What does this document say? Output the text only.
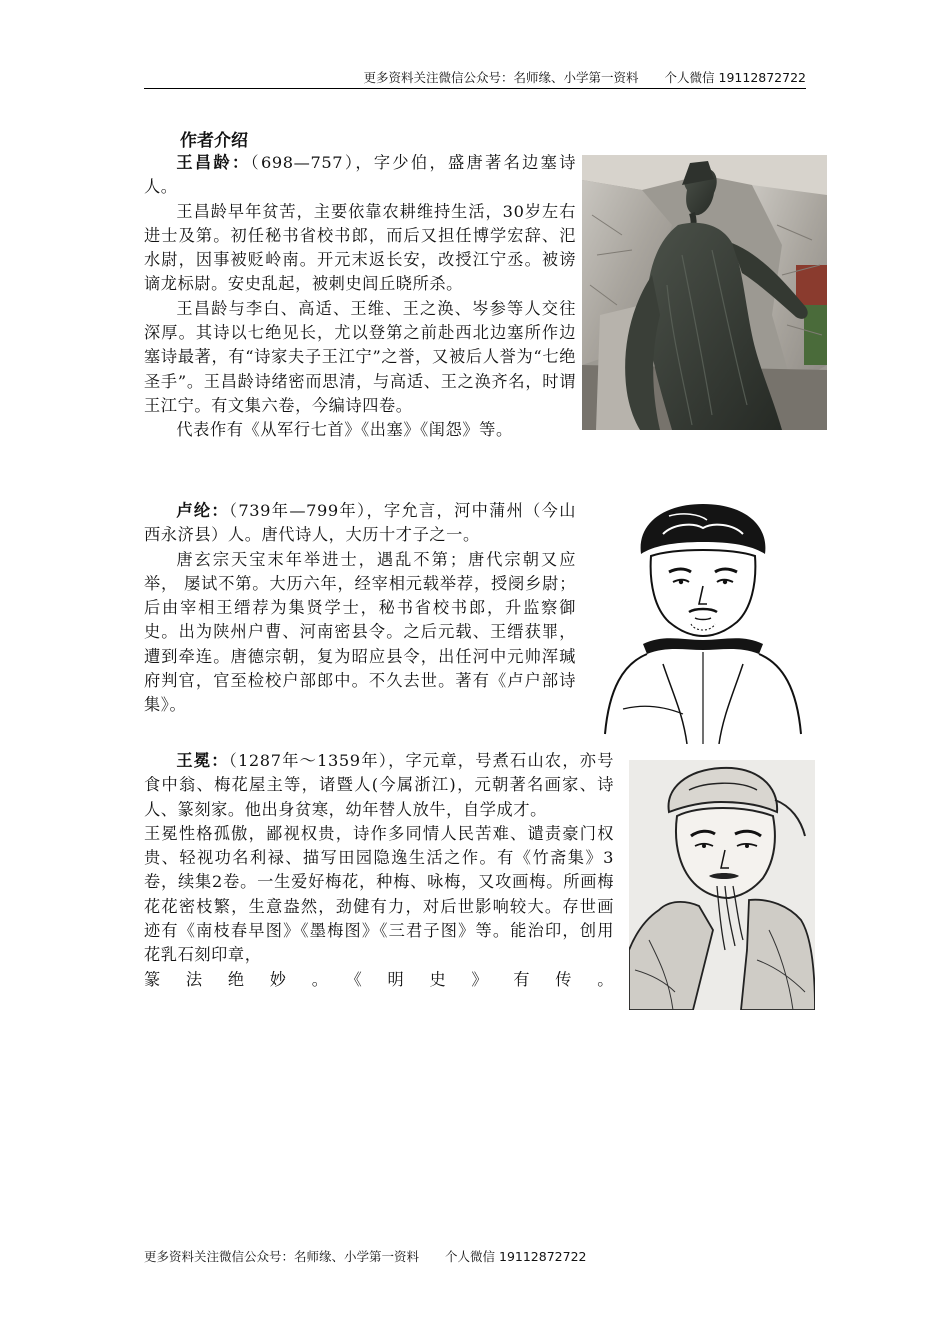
更多资料关注微信公众号：名师缘、小学第一资料 个人微信 19112872722
作者介绍

王昌龄：（698—757），字少伯，盛唐著名边塞诗人。

王昌龄早年贫苦，主要依靠农耕维持生活，30岁左右进士及第。初任秘书省校书郎，而后又担任博学宏辞、汜水尉，因事被贬岭南。开元末返长安，改授江宁丞。被谤谪龙标尉。安史乱起，被刺史闾丘晓所杀。

王昌龄与李白、高适、王维、王之涣、岑参等人交往深厚。其诗以七绝见长，尤以登第之前赴西北边塞所作边塞诗最著，有“诗家夫子王江宁”之誉，又被后人誉为“七绝圣手”。王昌龄诗绪密而思清，与高适、王之涣齐名，时谓王江宁。有文集六卷，今编诗四卷。

代表作有《从军行七首》《出塞》《闺怨》等。

卢纶：（739年—799年），字允言，河中蒲州（今山西永济县）人。唐代诗人，大历十才子之一。

唐玄宗天宝末年举进士，遇乱不第；唐代宗朝又应举， 屡试不第。大历六年，经宰相元载举荐，授阌乡尉；后由宰相王缙荐为集贤学士，秘书省校书郎，升监察御史。出为陕州户曹、河南密县令。之后元载、王缙获罪，遭到牵连。唐德宗朝，复为昭应县令，出任河中元帅浑瑊府判官，官至检校户部郎中。不久去世。著有《卢户部诗集》。

王冕：（1287年～1359年），字元章，号煮石山农，亦号食中翁、梅花屋主等，诸暨人(今属浙江)，元朝著名画家、诗人、篆刻家。他出身贫寒，幼年替人放牛，自学成才。

王冕性格孤傲，鄙视权贵，诗作多同情人民苦难、谴责豪门权贵、轻视功名利禄、描写田园隐逸生活之作。有《竹斋集》3卷，续集2卷。一生爱好梅花，种梅、咏梅，又攻画梅。所画梅花花密枝繁，生意盎然，劲健有力，对后世影响较大。存世画迹有《南枝春早图》《墨梅图》《三君子图》等。能治印，创用花乳石刻印章，

篆法绝妙。《明史》有传。

更多资料关注微信公众号：名师缘、小学第一资料 个人微信 19112872722
